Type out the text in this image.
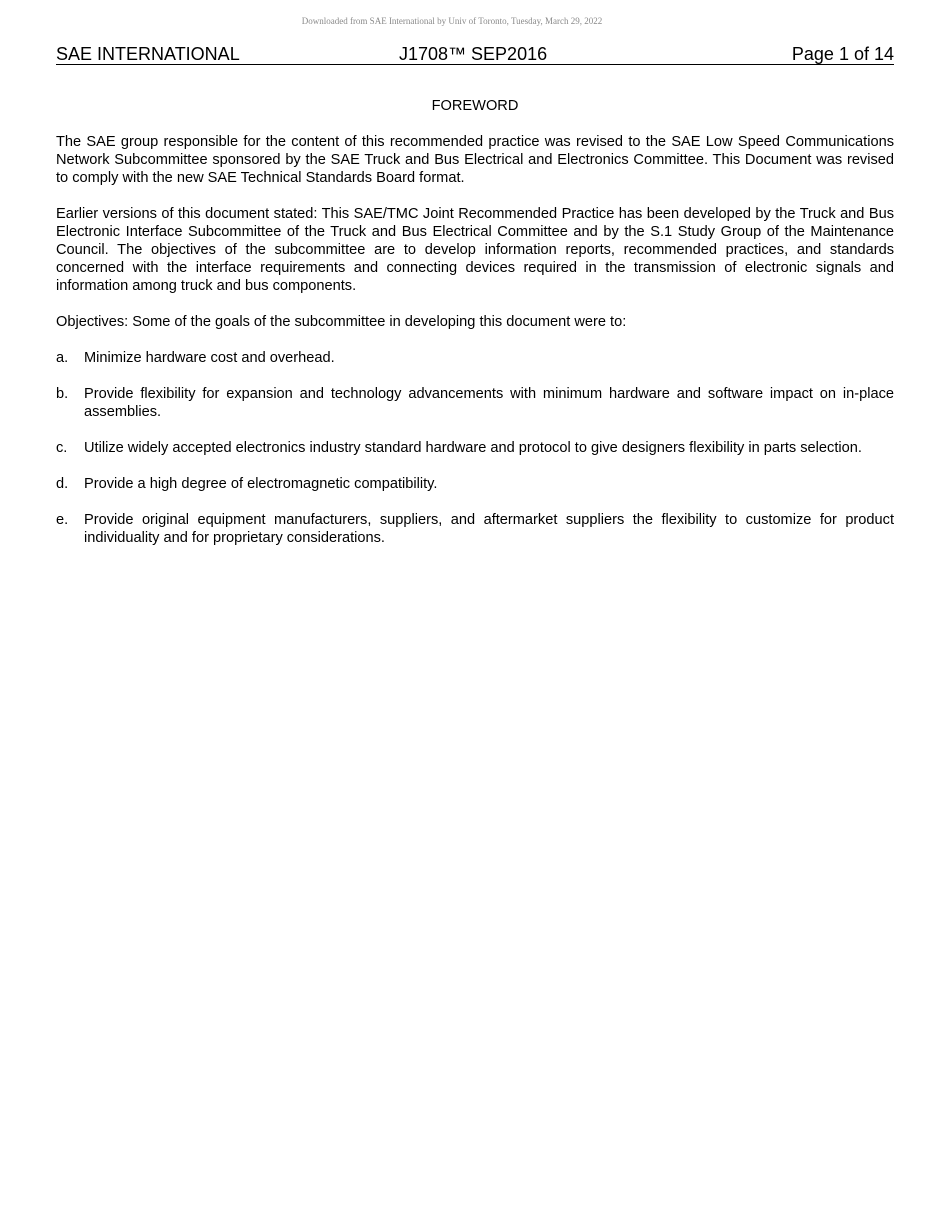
Downloaded from SAE International by Univ of Toronto, Tuesday, March 29, 2022
SAE INTERNATIONAL	J1708™ SEP2016	Page 1 of 14
FOREWORD

The SAE group responsible for the content of this recommended practice was revised to the SAE Low Speed Communications Network Subcommittee sponsored by the SAE Truck and Bus Electrical and Electronics Committee. This Document was revised to comply with the new SAE Technical Standards Board format.

Earlier versions of this document stated: This SAE/TMC Joint Recommended Practice has been developed by the Truck and Bus Electronic Interface Subcommittee of the Truck and Bus Electrical Committee and by the S.1 Study Group of the Maintenance Council. The objectives of the subcommittee are to develop information reports, recommended practices, and standards concerned with the interface requirements and connecting devices required in the transmission of electronic signals and information among truck and bus components.

Objectives: Some of the goals of the subcommittee in developing this document were to:

a. Minimize hardware cost and overhead.
b. Provide flexibility for expansion and technology advancements with minimum hardware and software impact on in-place assemblies.
c. Utilize widely accepted electronics industry standard hardware and protocol to give designers flexibility in parts selection.
d. Provide a high degree of electromagnetic compatibility.
e. Provide original equipment manufacturers, suppliers, and aftermarket suppliers the flexibility to customize for product individuality and for proprietary considerations.
